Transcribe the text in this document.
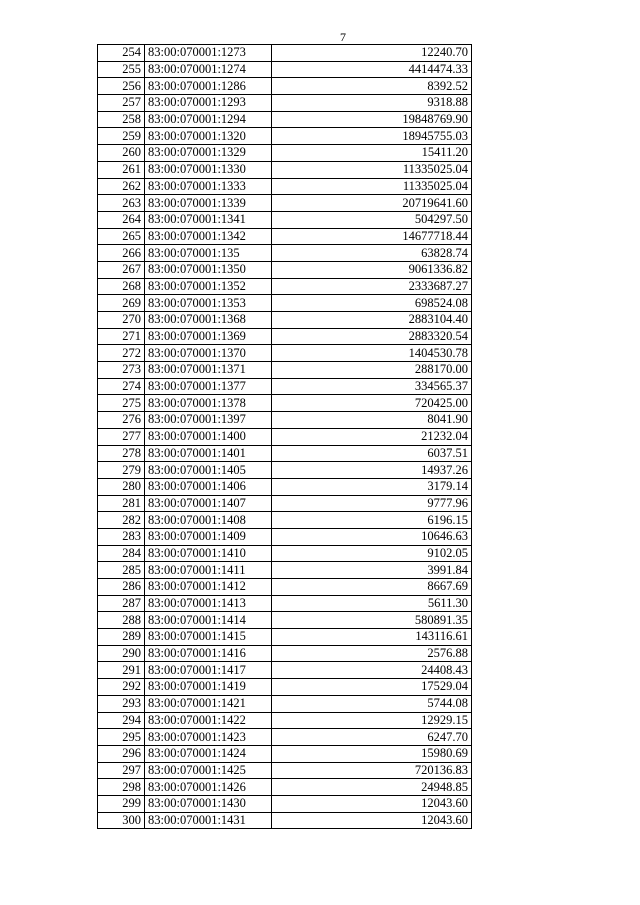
7
254	83:00:070001:1273	12240.70
255	83:00:070001:1274	4414474.33
256	83:00:070001:1286	8392.52
257	83:00:070001:1293	9318.88
258	83:00:070001:1294	19848769.90
259	83:00:070001:1320	18945755.03
260	83:00:070001:1329	15411.20
261	83:00:070001:1330	11335025.04
262	83:00:070001:1333	11335025.04
263	83:00:070001:1339	20719641.60
264	83:00:070001:1341	504297.50
265	83:00:070001:1342	14677718.44
266	83:00:070001:135	63828.74
267	83:00:070001:1350	9061336.82
268	83:00:070001:1352	2333687.27
269	83:00:070001:1353	698524.08
270	83:00:070001:1368	2883104.40
271	83:00:070001:1369	2883320.54
272	83:00:070001:1370	1404530.78
273	83:00:070001:1371	288170.00
274	83:00:070001:1377	334565.37
275	83:00:070001:1378	720425.00
276	83:00:070001:1397	8041.90
277	83:00:070001:1400	21232.04
278	83:00:070001:1401	6037.51
279	83:00:070001:1405	14937.26
280	83:00:070001:1406	3179.14
281	83:00:070001:1407	9777.96
282	83:00:070001:1408	6196.15
283	83:00:070001:1409	10646.63
284	83:00:070001:1410	9102.05
285	83:00:070001:1411	3991.84
286	83:00:070001:1412	8667.69
287	83:00:070001:1413	5611.30
288	83:00:070001:1414	580891.35
289	83:00:070001:1415	143116.61
290	83:00:070001:1416	2576.88
291	83:00:070001:1417	24408.43
292	83:00:070001:1419	17529.04
293	83:00:070001:1421	5744.08
294	83:00:070001:1422	12929.15
295	83:00:070001:1423	6247.70
296	83:00:070001:1424	15980.69
297	83:00:070001:1425	720136.83
298	83:00:070001:1426	24948.85
299	83:00:070001:1430	12043.60
300	83:00:070001:1431	12043.60
